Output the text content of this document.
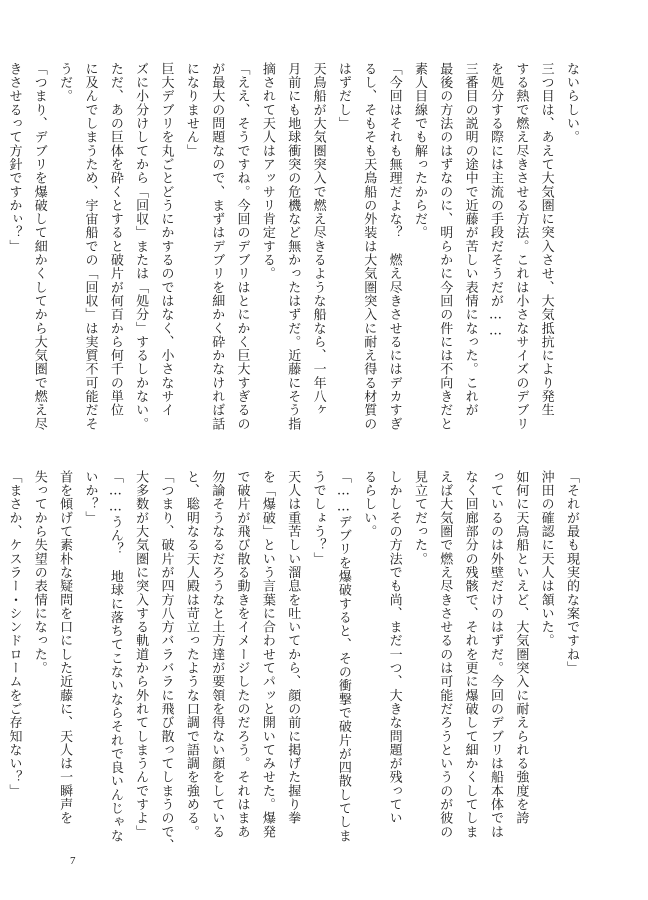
ないらしい。
三つ目は、あえて大気圏に突入させ、大気抵抗により発生
する熱で燃え尽きさせる方法。これは小さなサイズのデブリ
を処分する際には主流の手段だそうだが……
三番目の説明の途中で近藤が苦しい表情になった。これが
最後の方法のはずなのに、明らかに今回の件には不向きだと
素人目線でも解ったからだ。
「今回はそれも無理だよな？　燃え尽きさせるにはデカすぎ
るし、そもそも天鳥船の外装は大気圏突入に耐え得る材質の
はずだし」
天鳥船が大気圏突入で燃え尽きるような船なら、一年八ヶ
月前にも地球衝突の危機など無かったはずだ。近藤にそう指
摘されて天人はアッサリ肯定する。
「ええ、そうですね。今回のデブリはとにかく巨大すぎるの
が最大の問題なので、まずはデブリを細かく砕かなければ話
になりません」
巨大デブリを丸ごとどうにかするのではなく、小さなサイ
ズに小分けしてから「回収」または「処分」するしかない。
ただ、あの巨体を砕くとすると破片が何百から何千の単位
に及んでしまうため、宇宙船での「回収」は実質不可能だそ
うだ。
「つまり、デブリを爆破して細かくしてから大気圏で燃え尽
きさせるって方針ですかぃ？」
「それが最も現実的な案ですね」
沖田の確認に天人は頷いた。
如何に天鳥船といえど、大気圏突入に耐えられる強度を誇
っているのは外壁だけのはずだ。今回のデブリは船本体では
なく回廊部分の残骸で、それを更に爆破して細かくしてしま
えば大気圏で燃え尽きさせるのは可能だろうというのが彼の
見立てだった。
しかしその方法でも尚、まだ一つ、大きな問題が残ってい
るらしい。
「……デブリを爆破すると、その衝撃で破片が四散してしま
うでしょう？」
天人は重苦しい溜息を吐いてから、顔の前に掲げた握り拳
を「爆破」という言葉に合わせてパッと開いてみせた。爆発
で破片が飛び散る動きをイメージしたのだろう。それはまあ
勿論そうなるだろうなと土方達が要領を得ない顔をしている
と、聡明なる天人殿は苛立ったような口調で語調を強める。
「つまり、破片が四方八方バラバラに飛び散ってしまうので、
大多数が大気圏に突入する軌道から外れてしまうんですよ」
「……うん？　地球に落ちてこないならそれで良いんじゃな
いか？」
首を傾げて素朴な疑問を口にした近藤に、天人は一瞬声を
失ってから失望の表情になった。
「まさか、ケスラー・シンドロームをご存知ない？」
7
